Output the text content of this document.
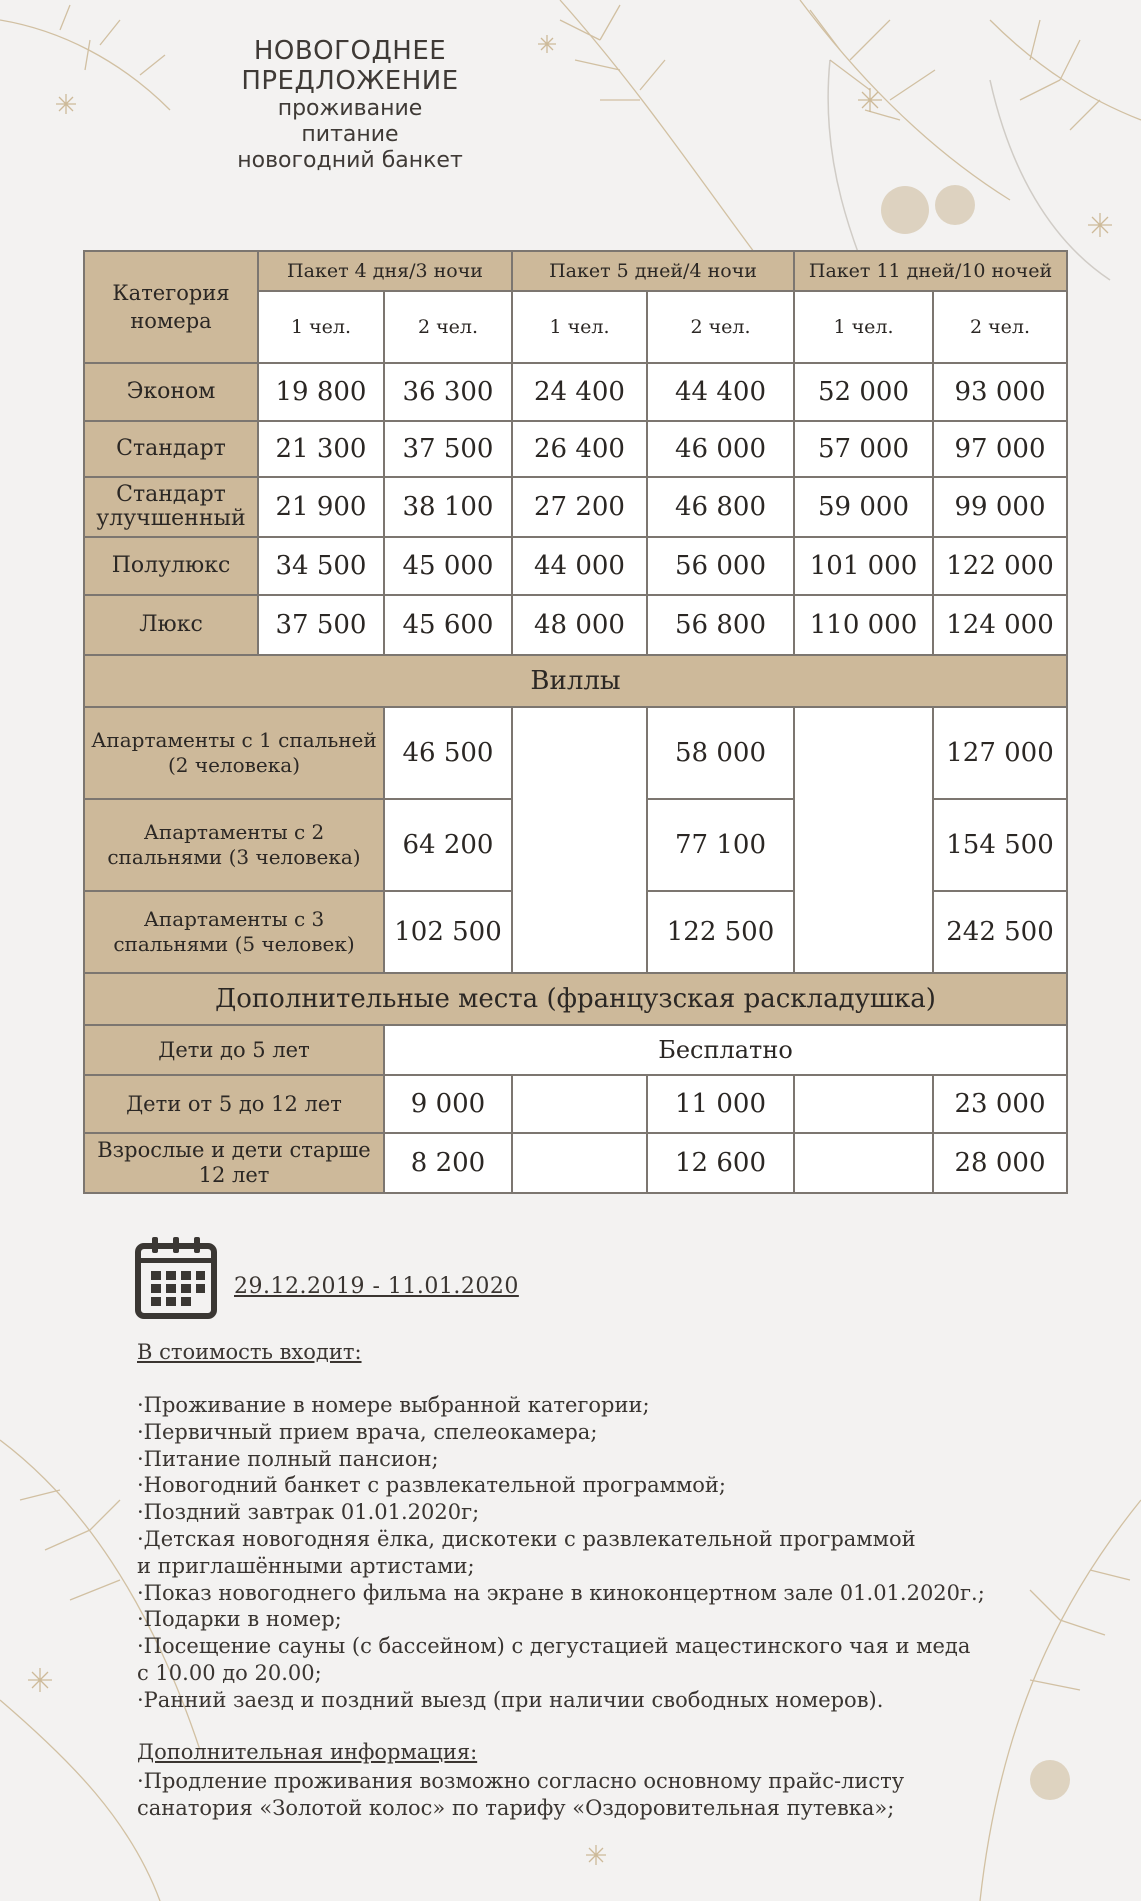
НОВОГОДНЕЕ
ПРЕДЛОЖЕНИЕ
проживание
питание
новогодний банкет
Категория номера	Пакет 4 дня/3 ночи		Пакет 5 дней/4 ночи		Пакет 11 дней/10 ночей	
	1 чел.	2 чел.	1 чел.	2 чел.	1 чел.	2 чел.
Эконом	19 800	36 300	24 400	44 400	52 000	93 000
Стандарт	21 300	37 500	26 400	46 000	57 000	97 000
Стандарт улучшенный	21 900	38 100	27 200	46 800	59 000	99 000
Полулюкс	34 500	45 000	44 000	56 000	101 000	122 000
Люкс	37 500	45 600	48 000	56 800	110 000	124 000
Виллы						
Апартаменты с 1 спальней (2 человека)		46 500		58 000		127 000
Апартаменты с 2 спальнями (3 человека)		64 200		77 100		154 500
Апартаменты с 3 спальнями (5 человек)		102 500		122 500		242 500
Дополнительные места (французская раскладушка)						
Дети до 5 лет		Бесплатно				
Дети от 5 до 12 лет		9 000		11 000		23 000
Взрослые и дети старше 12 лет		8 200		12 600		28 000
29.12.2019 - 11.01.2020
В стоимость входит:
·Проживание в номере выбранной категории;
·Первичный прием врача, спелеокамера;
·Питание полный пансион;
·Новогодний банкет с развлекательной программой;
·Поздний завтрак 01.01.2020г;
·Детская новогодняя ёлка, дискотеки с развлекательной программой
и приглашёнными артистами;
·Показ новогоднего фильма на экране в киноконцертном зале 01.01.2020г.;
·Подарки в номер;
·Посещение сауны (с бассейном) с дегустацией мацестинского чая и меда
с 10.00 до 20.00;
·Ранний заезд и поздний выезд (при наличии свободных номеров).
Дополнительная информация:
·Продление проживания возможно согласно основному прайс-листу
санатория «Золотой колос» по тарифу «Оздоровительная путевка»;
